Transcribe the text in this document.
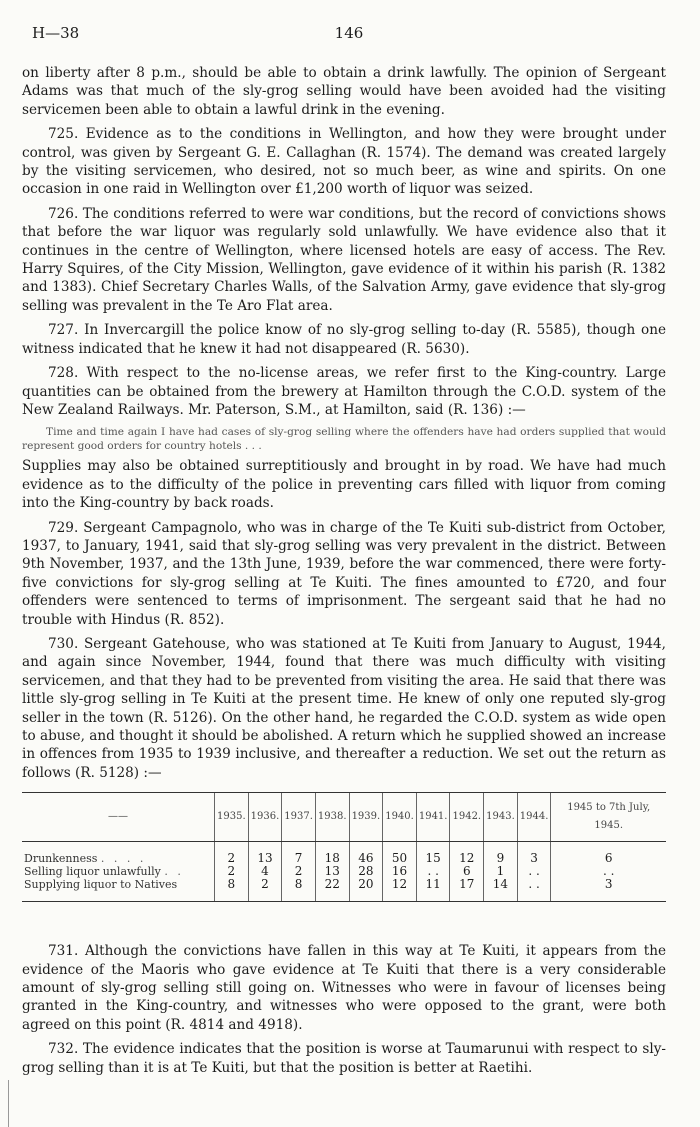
H—38	146

on liberty after 8 p.m., should be able to obtain a drink lawfully. The opinion of Sergeant Adams was that much of the sly-grog selling would have been avoided had the visiting servicemen been able to obtain a lawful drink in the evening.

725. Evidence as to the conditions in Wellington, and how they were brought under control, was given by Sergeant G. E. Callaghan (R. 1574). The demand was created largely by the visiting servicemen, who desired, not so much beer, as wine and spirits. On one occasion in one raid in Wellington over £1,200 worth of liquor was seized.

726. The conditions referred to were war conditions, but the record of convictions shows that before the war liquor was regularly sold unlawfully. We have evidence also that it continues in the centre of Wellington, where licensed hotels are easy of access. The Rev. Harry Squires, of the City Mission, Wellington, gave evidence of it within his parish (R. 1382 and 1383). Chief Secretary Charles Walls, of the Salvation Army, gave evidence that sly-grog selling was prevalent in the Te Aro Flat area.

727. In Invercargill the police know of no sly-grog selling to-day (R. 5585), though one witness indicated that he knew it had not disappeared (R. 5630).

728. With respect to the no-license areas, we refer first to the King-country. Large quantities can be obtained from the brewery at Hamilton through the C.O.D. system of the New Zealand Railways. Mr. Paterson, S.M., at Hamilton, said (R. 136) :—

Time and time again I have had cases of sly-grog selling where the offenders have had orders supplied that would represent good orders for country hotels . . .

Supplies may also be obtained surreptitiously and brought in by road. We have had much evidence as to the difficulty of the police in preventing cars filled with liquor from coming into the King-country by back roads.

729. Sergeant Campagnolo, who was in charge of the Te Kuiti sub-district from October, 1937, to January, 1941, said that sly-grog selling was very prevalent in the district. Between 9th November, 1937, and the 13th June, 1939, before the war commenced, there were forty-five convictions for sly-grog selling at Te Kuiti. The fines amounted to £720, and four offenders were sentenced to terms of imprisonment. The sergeant said that he had no trouble with Hindus (R. 852).

730. Sergeant Gatehouse, who was stationed at Te Kuiti from January to August, 1944, and again since November, 1944, found that there was much difficulty with visiting servicemen, and that they had to be prevented from visiting the area. He said that there was little sly-grog selling in Te Kuiti at the present time. He knew of only one reputed sly-grog seller in the town (R. 5126). On the other hand, he regarded the C.O.D. system as wide open to abuse, and thought it should be abolished. A return which he supplied showed an increase in offences from 1935 to 1939 inclusive, and thereafter a reduction. We set out the return as follows (R. 5128) :—

——	1935.	1936.	1937.	1938.	1939.	1940.	1941.	1942.	1943.	1944.	1945 to 7th July, 1945.
Drunkenness . . . .	2	13	7	18	46	50	15	12	9	3	6
Selling liquor unlawfully . .	2	4	2	13	28	16	. .	6	1	. .	. .
Supplying liquor to Natives	8	2	8	22	20	12	11	17	14	. .	3

731. Although the convictions have fallen in this way at Te Kuiti, it appears from the evidence of the Maoris who gave evidence at Te Kuiti that there is a very considerable amount of sly-grog selling still going on. Witnesses who were in favour of licenses being granted in the King-country, and witnesses who were opposed to the grant, were both agreed on this point (R. 4814 and 4918).

732. The evidence indicates that the position is worse at Taumarunui with respect to sly-grog selling than it is at Te Kuiti, but that the position is better at Raetihi.
